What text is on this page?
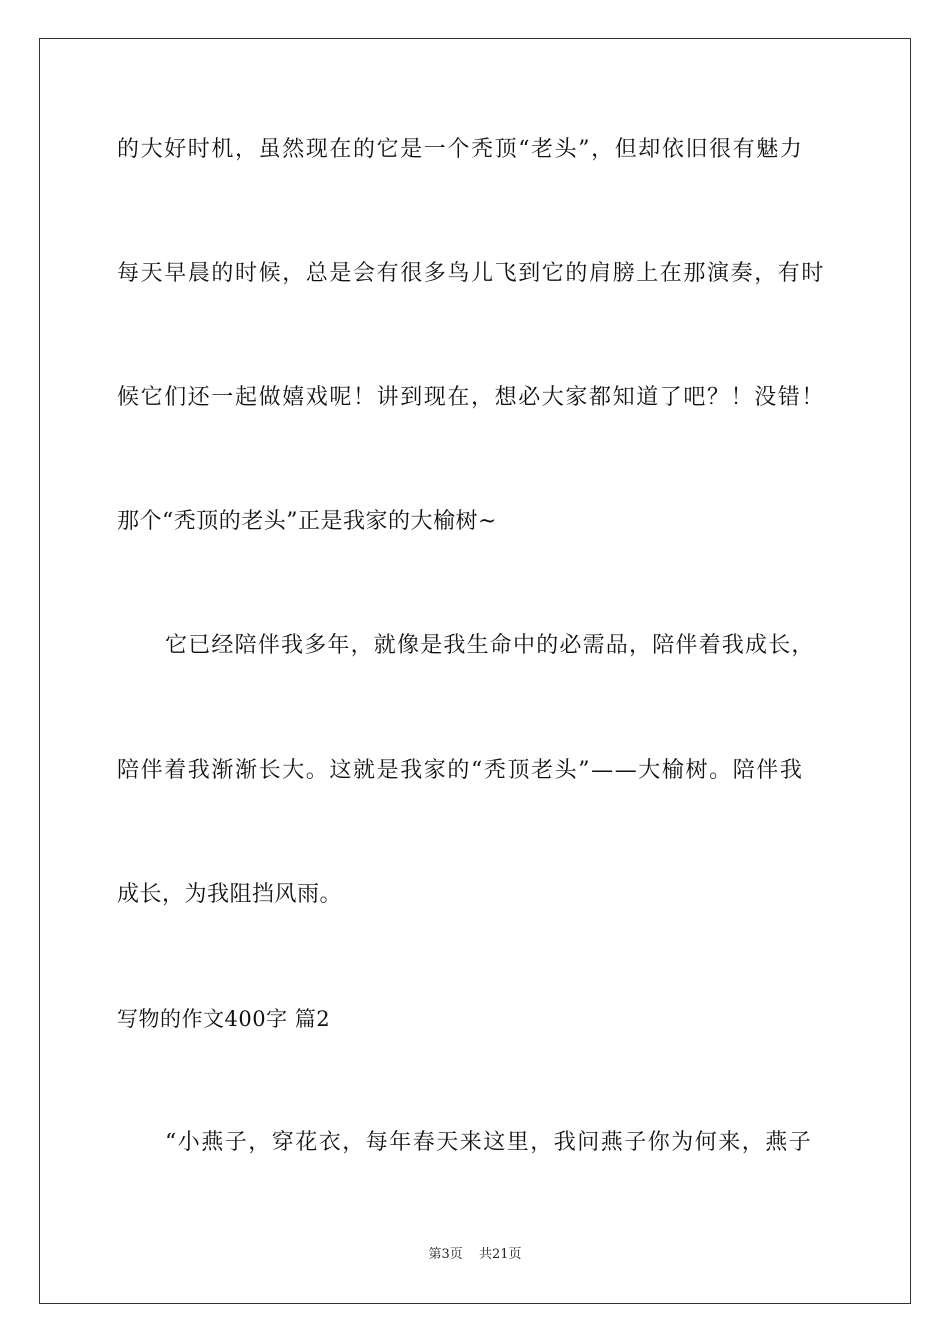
的大好时机，虽然现在的它是一个秃顶“老头”，但却依旧很有魅力
每天早晨的时候，总是会有很多鸟儿飞到它的肩膀上在那演奏，有时
候它们还一起做嬉戏呢！讲到现在，想必大家都知道了吧？！没错！
那个“秃顶的老头”正是我家的大榆树~
它已经陪伴我多年，就像是我生命中的必需品，陪伴着我成长，
陪伴着我渐渐长大。这就是我家的“秃顶老头”——大榆树。陪伴我
成长，为我阻挡风雨。
写物的作文400字 篇2
“小燕子，穿花衣，每年春天来这里，我问燕子你为何来，燕子
第3页 共21页
